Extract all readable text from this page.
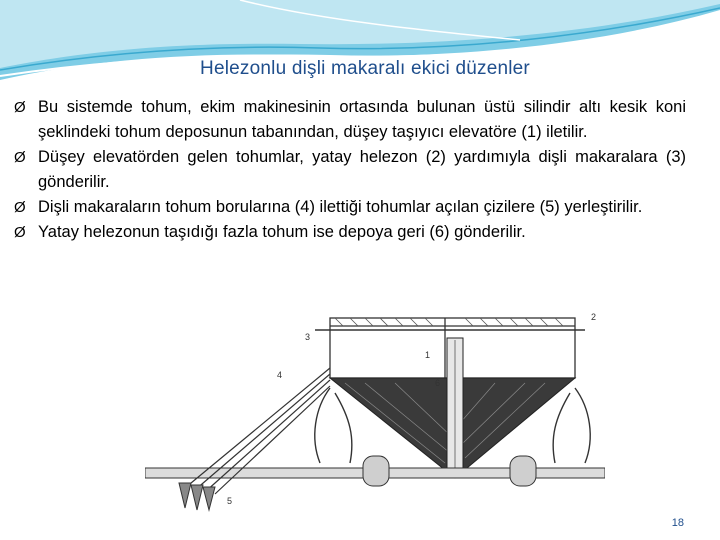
Helezonlu dişli makaralı ekici düzenler
Ø Bu sistemde tohum, ekim makinesinin ortasında bulunan üstü silindir altı kesik koni şeklindeki tohum deposunun tabanından, düşey taşıyıcı elevatöre (1) iletilir.
Ø Düşey elevatörden gelen tohumlar, yatay helezon (2) yardımıyla dişli makaralara (3) gönderilir.
Ø Dişli makaraların tohum borularına (4) ilettiği tohumlar açılan çizilere (5) yerleştirilir.
Ø Yatay helezonun taşıdığı fazla tohum ise depoya geri (6) gönderilir.
3
2
1
6
4
5
18
